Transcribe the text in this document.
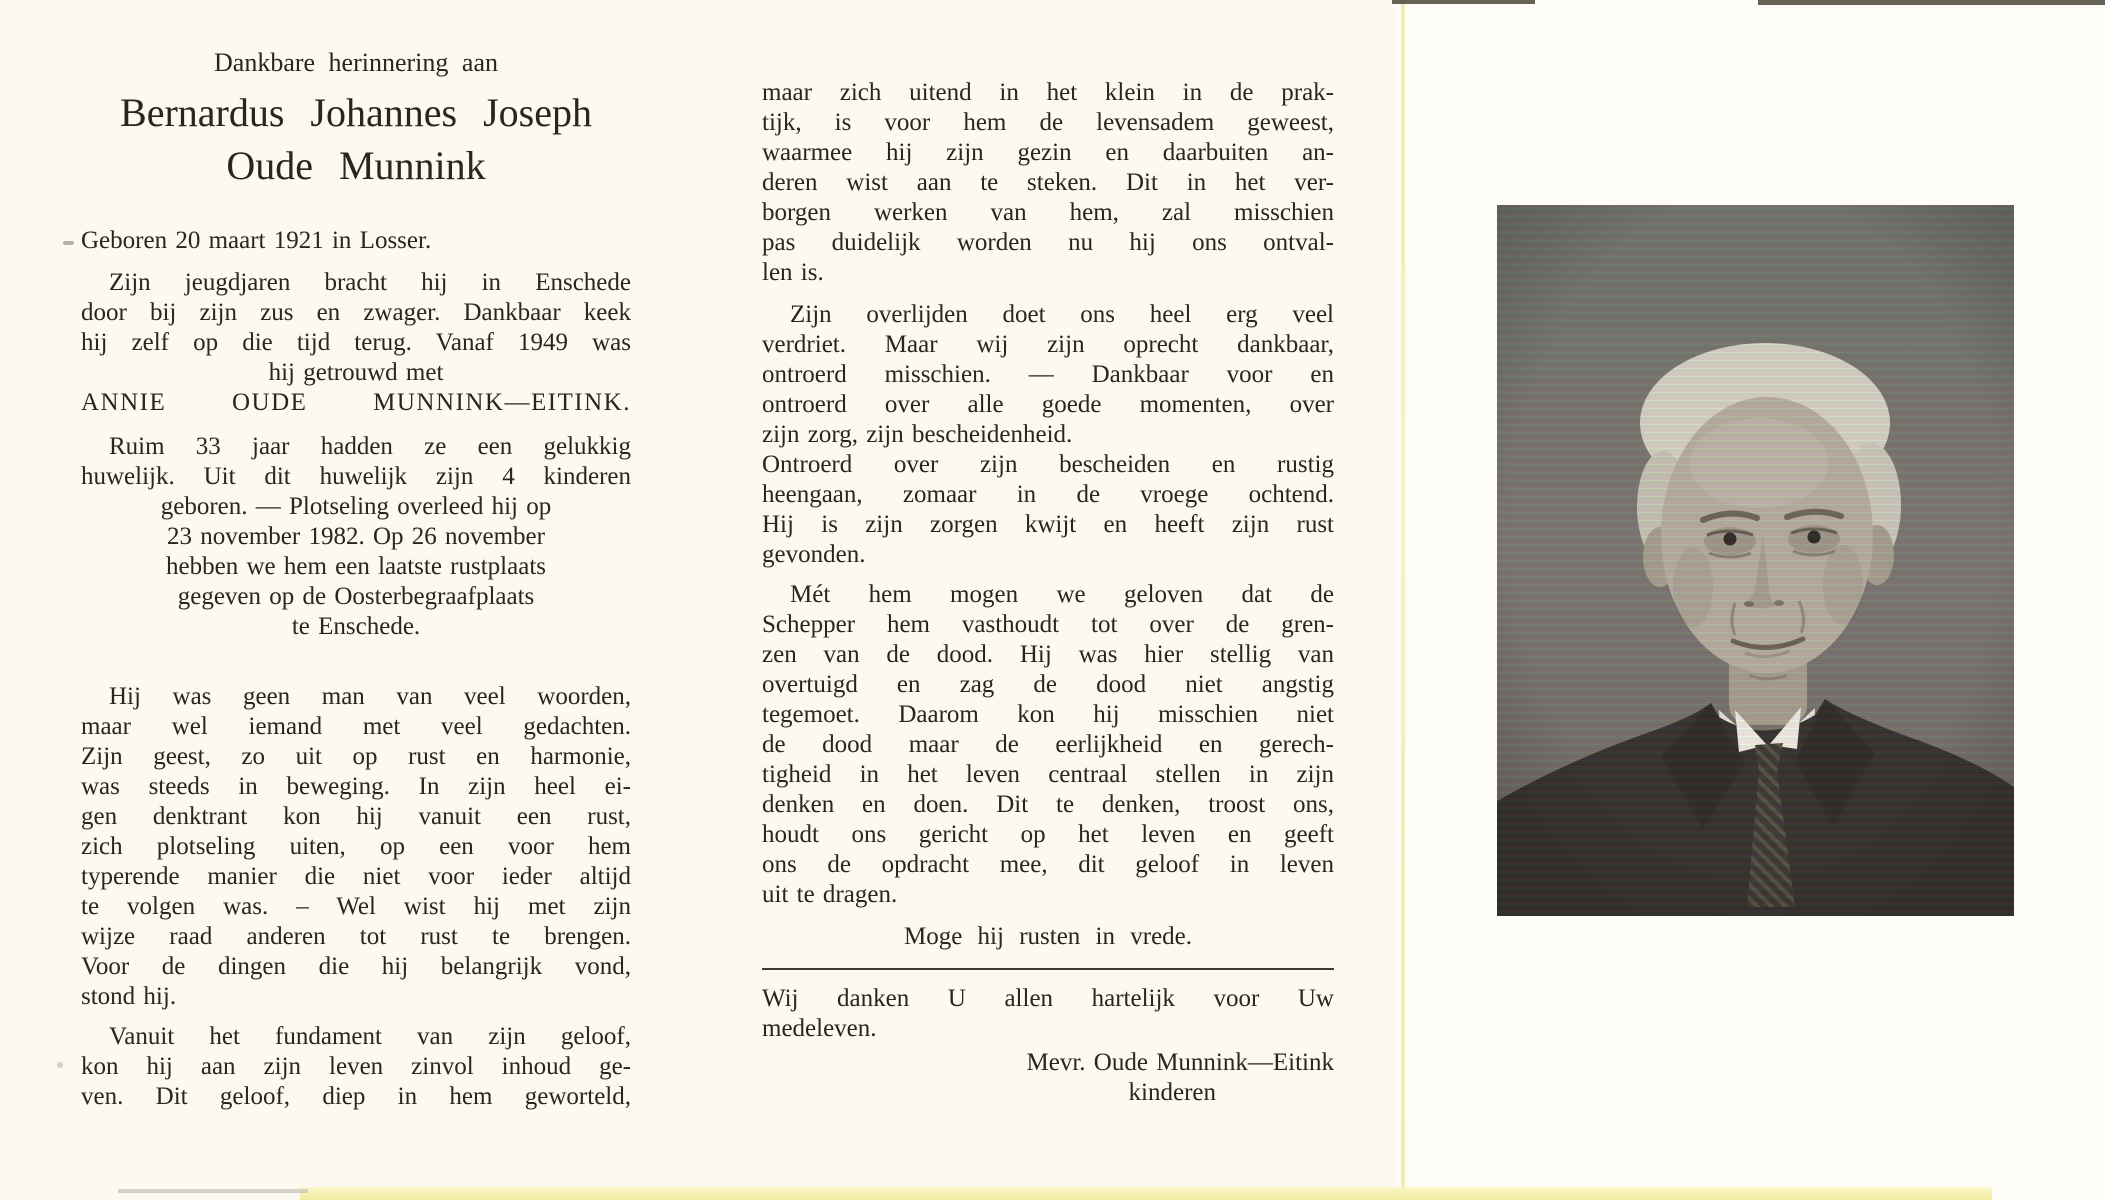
Dankbare herinnering aan
Bernardus Johannes Joseph
Oude Munnink
Geboren 20 maart 1921 in Losser.
Zijn jeugdjaren bracht hij in Enschede
door bij zijn zus en zwager. Dankbaar keek
hij zelf op die tijd terug. Vanaf 1949 was
hij getrouwd met
ANNIE OUDE MUNNINK—EITINK.
Ruim 33 jaar hadden ze een gelukkig
huwelijk. Uit dit huwelijk zijn 4 kinderen
geboren. — Plotseling overleed hij op
23 november 1982. Op 26 november
hebben we hem een laatste rustplaats
gegeven op de Oosterbegraafplaats
te Enschede.
Hij was geen man van veel woorden,
maar wel iemand met veel gedachten.
Zijn geest, zo uit op rust en harmonie,
was steeds in beweging. In zijn heel ei-
gen denktrant kon hij vanuit een rust,
zich plotseling uiten, op een voor hem
typerende manier die niet voor ieder altijd
te volgen was. – Wel wist hij met zijn
wijze raad anderen tot rust te brengen.
Voor de dingen die hij belangrijk vond,
stond hij.
Vanuit het fundament van zijn geloof,
kon hij aan zijn leven zinvol inhoud ge-
ven. Dit geloof, diep in hem geworteld,
maar zich uitend in het klein in de prak-
tijk, is voor hem de levensadem geweest,
waarmee hij zijn gezin en daarbuiten an-
deren wist aan te steken. Dit in het ver-
borgen werken van hem, zal misschien
pas duidelijk worden nu hij ons ontval-
len is.
Zijn overlijden doet ons heel erg veel
verdriet. Maar wij zijn oprecht dankbaar,
ontroerd misschien. — Dankbaar voor en
ontroerd over alle goede momenten, over
zijn zorg, zijn bescheidenheid.
Ontroerd over zijn bescheiden en rustig
heengaan, zomaar in de vroege ochtend.
Hij is zijn zorgen kwijt en heeft zijn rust
gevonden.
Mét hem mogen we geloven dat de
Schepper hem vasthoudt tot over de gren-
zen van de dood. Hij was hier stellig van
overtuigd en zag de dood niet angstig
tegemoet. Daarom kon hij misschien niet
de dood maar de eerlijkheid en gerech-
tigheid in het leven centraal stellen in zijn
denken en doen. Dit te denken, troost ons,
houdt ons gericht op het leven en geeft
ons de opdracht mee, dit geloof in leven
uit te dragen.
Moge hij rusten in vrede.
Wij danken U allen hartelijk voor Uw
medeleven.
Mevr. Oude Munnink—Eitink
kinderen
